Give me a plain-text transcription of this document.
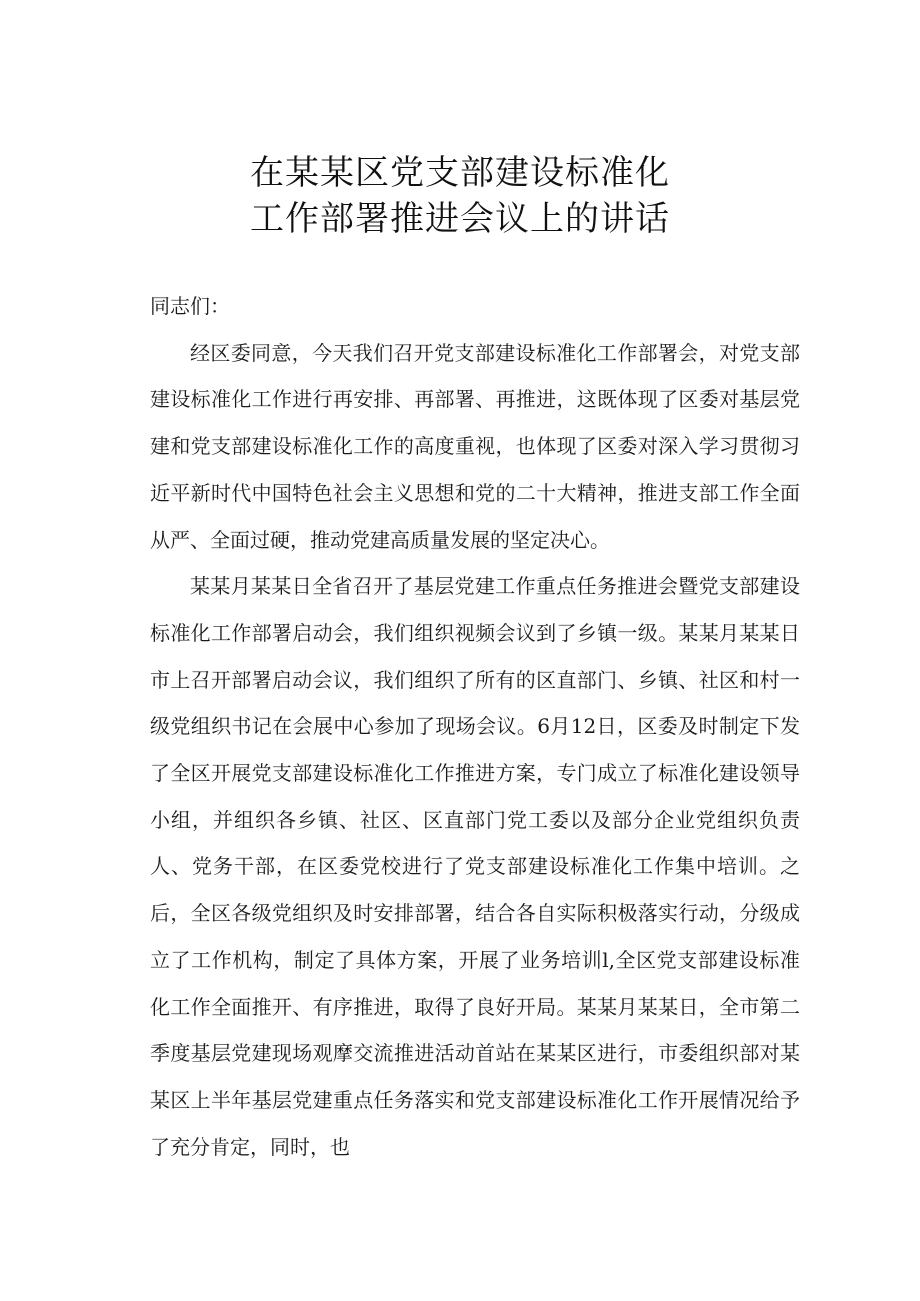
在某某区党支部建设标准化
工作部署推进会议上的讲话

同志们：

经区委同意，今天我们召开党支部建设标准化工作部署会，对党支部建设标准化工作进行再安排、再部署、再推进，这既体现了区委对基层党建和党支部建设标准化工作的高度重视，也体现了区委对深入学习贯彻习近平新时代中国特色社会主义思想和党的二十大精神，推进支部工作全面从严、全面过硬，推动党建高质量发展的坚定决心。

某某月某某日全省召开了基层党建工作重点任务推进会暨党支部建设标准化工作部署启动会，我们组织视频会议到了乡镇一级。某某月某某日市上召开部署启动会议，我们组织了所有的区直部门、乡镇、社区和村一级党组织书记在会展中心参加了现场会议。6月12日，区委及时制定下发了全区开展党支部建设标准化工作推进方案，专门成立了标准化建设领导小组，并组织各乡镇、社区、区直部门党工委以及部分企业党组织负责人、党务干部，在区委党校进行了党支部建设标准化工作集中培训。之后，全区各级党组织及时安排部署，结合各自实际积极落实行动，分级成立了工作机构，制定了具体方案，开展了业务培训l,全区党支部建设标准化工作全面推开、有序推进，取得了良好开局。某某月某某日，全市第二季度基层党建现场观摩交流推进活动首站在某某区进行，市委组织部对某某区上半年基层党建重点任务落实和党支部建设标准化工作开展情况给予了充分肯定，同时，也
